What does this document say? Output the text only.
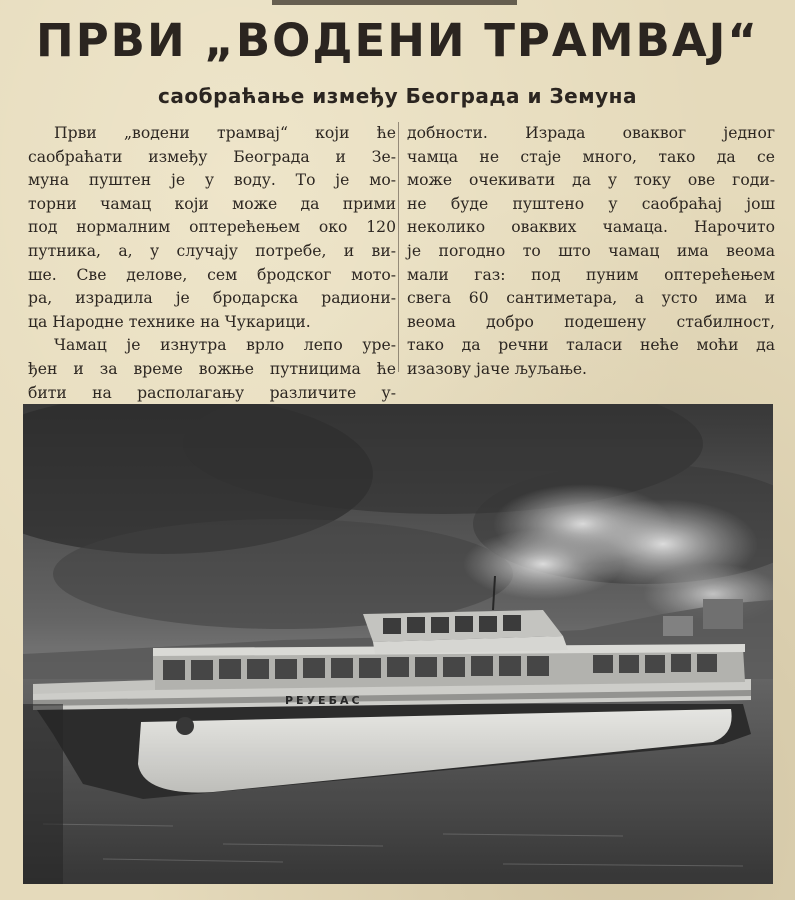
ПРВИ „ВОДЕНИ ТРАМВАЈ“
саобраћање између Београда и Земуна
Први „водени трамвај“ који ће
саобраћати између Београда и Зе-
муна пуштен је у воду. То је мо-
торни чамац који може да прими
под нормалним оптерећењем око 120
путника, а, у случају потребе, и ви-
ше. Све делове, сем бродског мото-
ра, израдила је бродарска радиони-
ца Народне технике на Чукарици.
Чамац је изнутра врло лепо уре-
ђен и за време вожње путницима ће
бити на располагању различите у-
добности. Израда оваквог једног
чамца не стаје много, тако да се
може очекивати да у току ове годи-
не буде пуштено у саобраћај још
неколико оваквих чамаца. Нарочито
је погодно то што чамац има веома
мали газ: под пуним оптерећењем
свега 60 сантиметара, а усто има и
веома добро подешену стабилност,
тако да речни таласи неће моћи да
изазову јаче љуљање.
РЕУЕБАС
